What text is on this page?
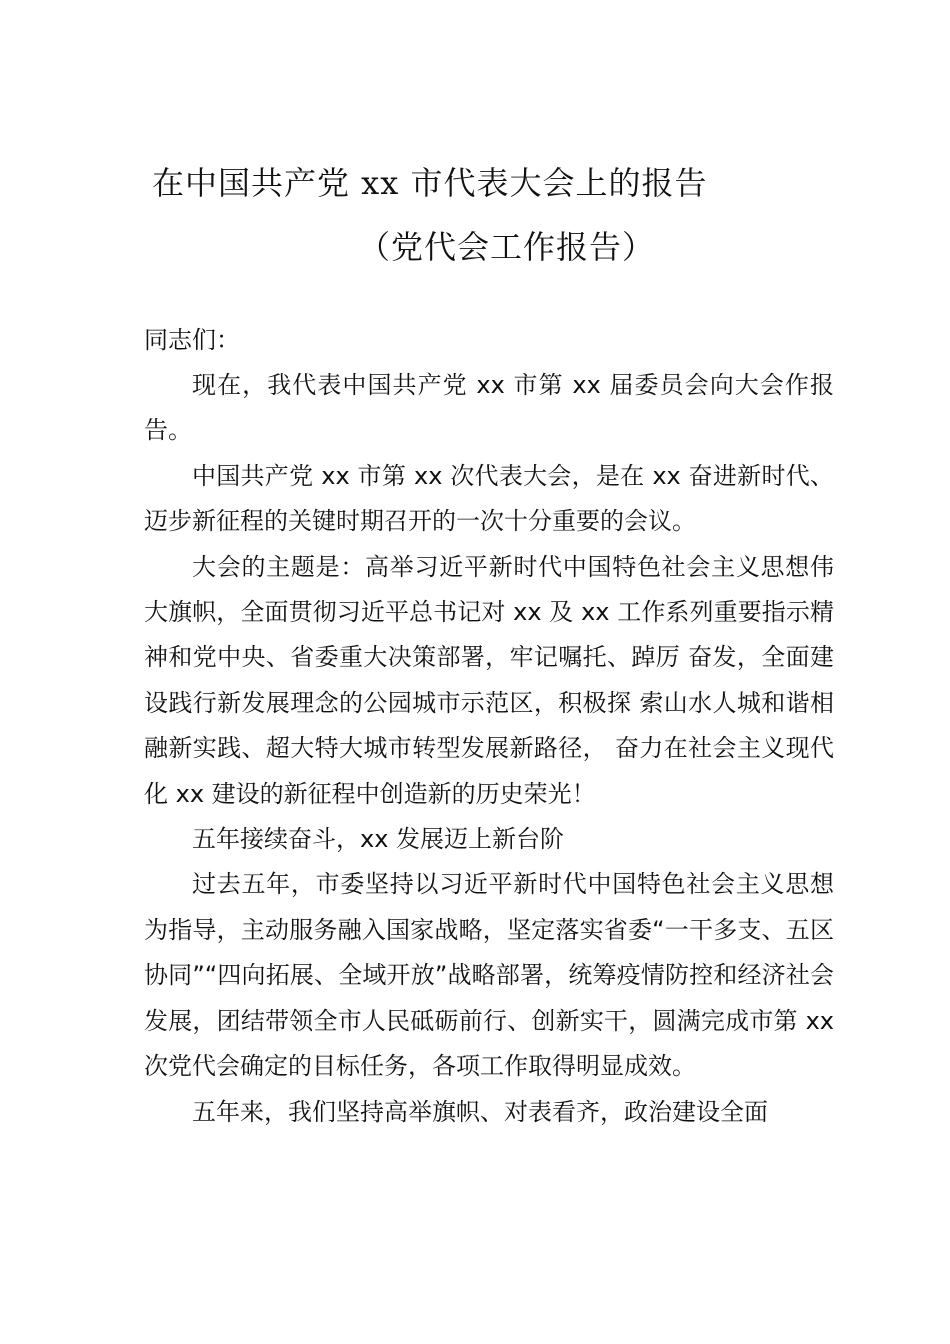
在中国共产党 xx 市代表大会上的报告
（党代会工作报告）
同志们：

现在，我代表中国共产党 xx 市第 xx 届委员会向大会作报告。

中国共产党 xx 市第 xx 次代表大会，是在 xx 奋进新时代、迈步新征程的关键时期召开的一次十分重要的会议。

大会的主题是：高举习近平新时代中国特色社会主义思想伟大旗帜，全面贯彻习近平总书记对 xx 及 xx 工作系列重要指示精神和党中央、省委重大决策部署，牢记嘱托、踔厉 奋发，全面建设践行新发展理念的公园城市示范区，积极探 索山水人城和谐相融新实践、超大特大城市转型发展新路径， 奋力在社会主义现代化 xx 建设的新征程中创造新的历史荣光！

五年接续奋斗，xx 发展迈上新台阶

过去五年，市委坚持以习近平新时代中国特色社会主义思想为指导，主动服务融入国家战略，坚定落实省委“一干多支、五区协同”“四向拓展、全域开放”战略部署，统筹疫情防控和经济社会发展，团结带领全市人民砥砺前行、创新实干，圆满完成市第 xx 次党代会确定的目标任务，各项工作取得明显成效。

五年来，我们坚持高举旗帜、对表看齐，政治建设全面
